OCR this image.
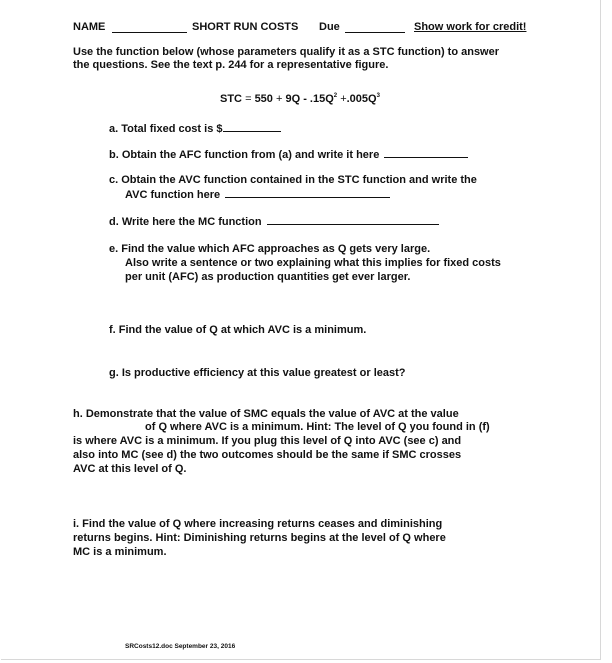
NAME	SHORT RUN COSTS Due	Show work for credit!
Use the function below (whose parameters qualify it as a STC function) to answer
the questions. See the text p. 244 for a representative figure.
STC = $550 + 9Q - .15Q^2 +.005Q^3$
a. Total fixed cost is $
b. Obtain the AFC function from (a) and write it here
c. Obtain the AVC function contained in the STC function and write the
AVC function here
d. Write here the MC function
e. Find the value which AFC approaches as Q gets very large.
Also write a sentence or two explaining what this implies for fixed costs
per unit (AFC) as production quantities get ever larger.
f. Find the value of Q at which AVC is a minimum.
g. Is productive efficiency at this value greatest or least?
h. Demonstrate that the value of SMC equals the value of AVC at the value
of Q where AVC is a minimum. Hint: The level of Q you found in (f)
is where AVC is a minimum. If you plug this level of Q into AVC (see c) and
also into MC (see d) the two outcomes should be the same if SMC crosses
AVC at this level of Q.
i. Find the value of Q where increasing returns ceases and diminishing
returns begins. Hint: Diminishing returns begins at the level of Q where
MC is a minimum.
SRCosts12.doc September 23, 2016
